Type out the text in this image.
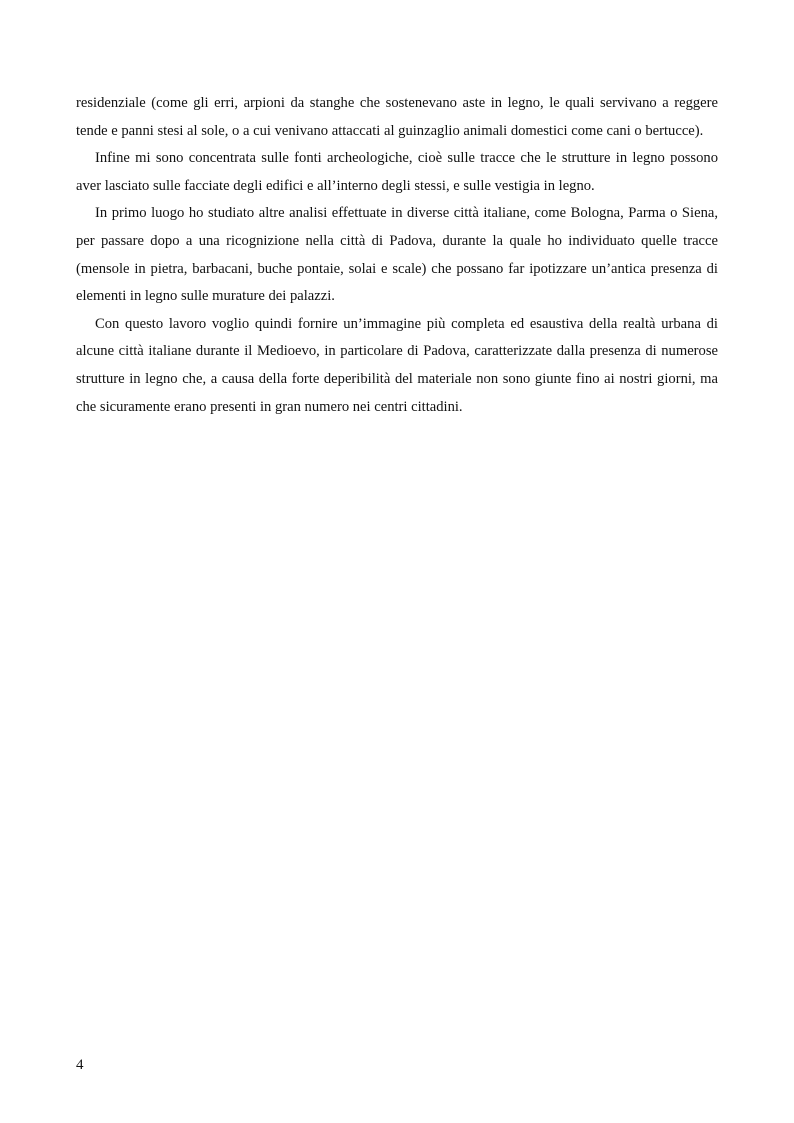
residenziale (come gli erri, arpioni da stanghe che sostenevano aste in legno, le quali servivano a reggere tende e panni stesi al sole, o a cui venivano attaccati al guinzaglio animali domestici come cani o bertucce).

Infine mi sono concentrata sulle fonti archeologiche, cioè sulle tracce che le strutture in legno possono aver lasciato sulle facciate degli edifici e all’interno degli stessi, e sulle vestigia in legno.

In primo luogo ho studiato altre analisi effettuate in diverse città italiane, come Bologna, Parma o Siena, per passare dopo a una ricognizione nella città di Padova, durante la quale ho individuato quelle tracce (mensole in pietra, barbacani, buche pontaie, solai e scale) che possano far ipotizzare un’antica presenza di elementi in legno sulle murature dei palazzi.

Con questo lavoro voglio quindi fornire un’immagine più completa ed esaustiva della realtà urbana di alcune città italiane durante il Medioevo, in particolare di Padova, caratterizzate dalla presenza di numerose strutture in legno che, a causa della forte deperibilità del materiale non sono giunte fino ai nostri giorni, ma che sicuramente erano presenti in gran numero nei centri cittadini.

4
